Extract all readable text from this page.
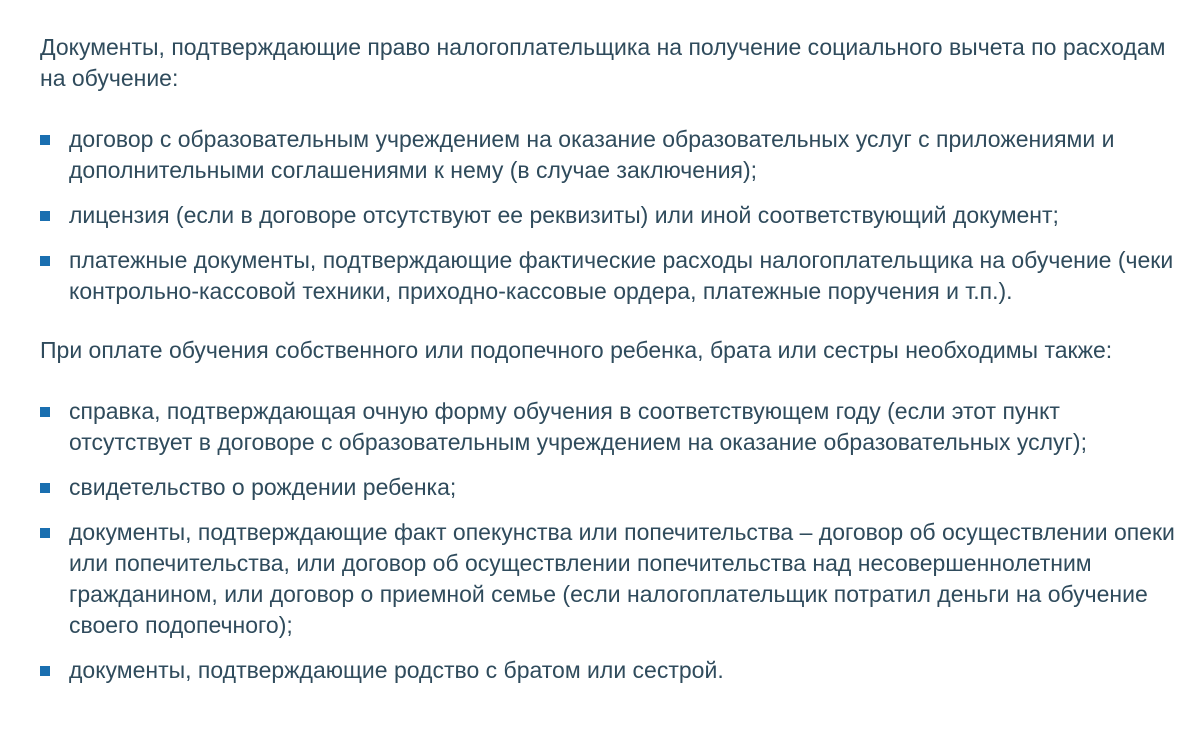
Документы, подтверждающие право налогоплательщика на получение социального вычета по расходам на обучение:

договор с образовательным учреждением на оказание образовательных услуг с приложениями и дополнительными соглашениями к нему (в случае заключения);
лицензия (если в договоре отсутствуют ее реквизиты) или иной соответствующий документ;
платежные документы, подтверждающие фактические расходы налогоплательщика на обучение (чеки контрольно-кассовой техники, приходно-кассовые ордера, платежные поручения и т.п.).

При оплате обучения собственного или подопечного ребенка, брата или сестры необходимы также:

справка, подтверждающая очную форму обучения в соответствующем году (если этот пункт отсутствует в договоре с образовательным учреждением на оказание образовательных услуг);
свидетельство о рождении ребенка;
документы, подтверждающие факт опекунства или попечительства – договор об осуществлении опеки или попечительства, или договор об осуществлении попечительства над несовершеннолетним гражданином, или договор о приемной семье (если налогоплательщик потратил деньги на обучение своего подопечного);
документы, подтверждающие родство с братом или сестрой.
